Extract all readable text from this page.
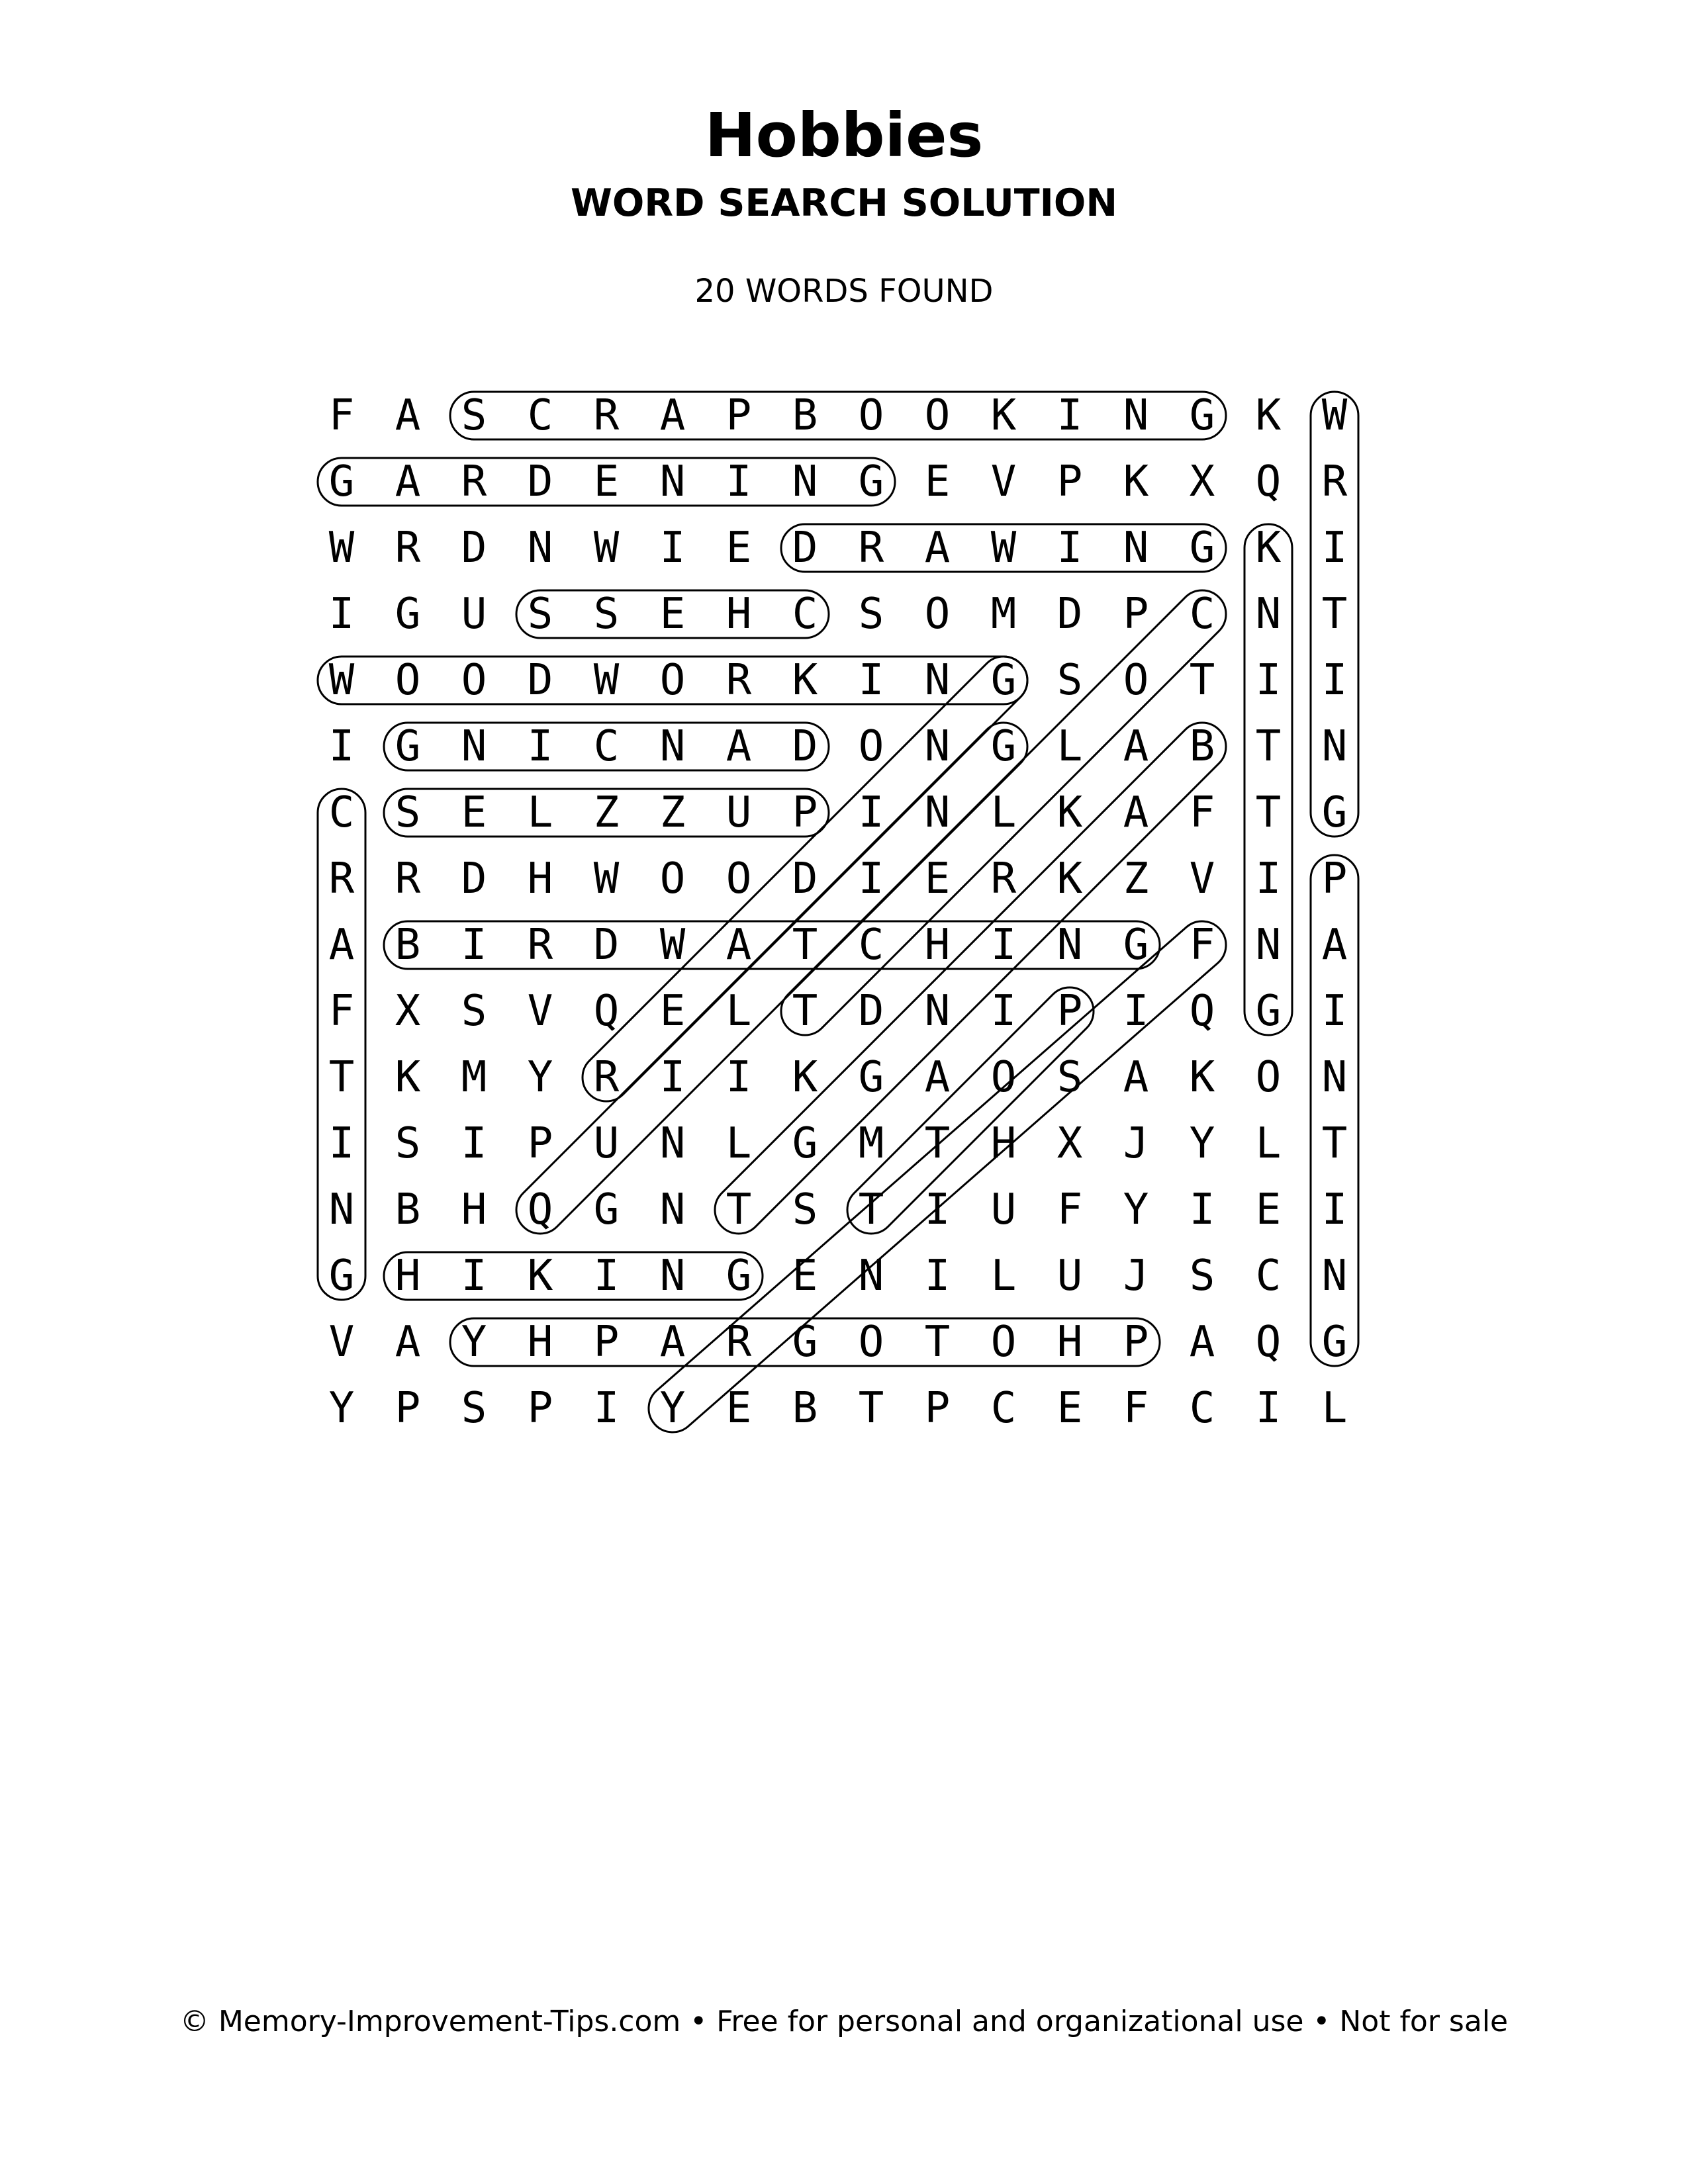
Hobbies
WORD SEARCH SOLUTION
20 WORDS FOUND
F A S C R A P B O O K I N G K W
G A R D E N I N G E V P K X Q R
W R D N W I E D R A W I N G K I
I G U S S E H C S O M D P C N T
W O O D W O R K I N G S O T I I
I G N I C N A D O N G L A B T N
C S E L Z Z U P I N L K A F T G
R R D H W O O D I E R K Z V I P
A B I R D W A T C H I N G F N A
F X S V Q E L T D N I P I Q G I
T K M Y R I I K G A O S A K O N
I S I P U N L G M T H X J Y L T
N B H Q G N T S T I U F Y I E I
G H I K I N G E N I L U J S C N
V A Y H P A R G O T O H P A Q G
Y P S P I Y E B T P C E F C I L
© Memory-Improvement-Tips.com • Free for personal and organizational use • Not for sale
